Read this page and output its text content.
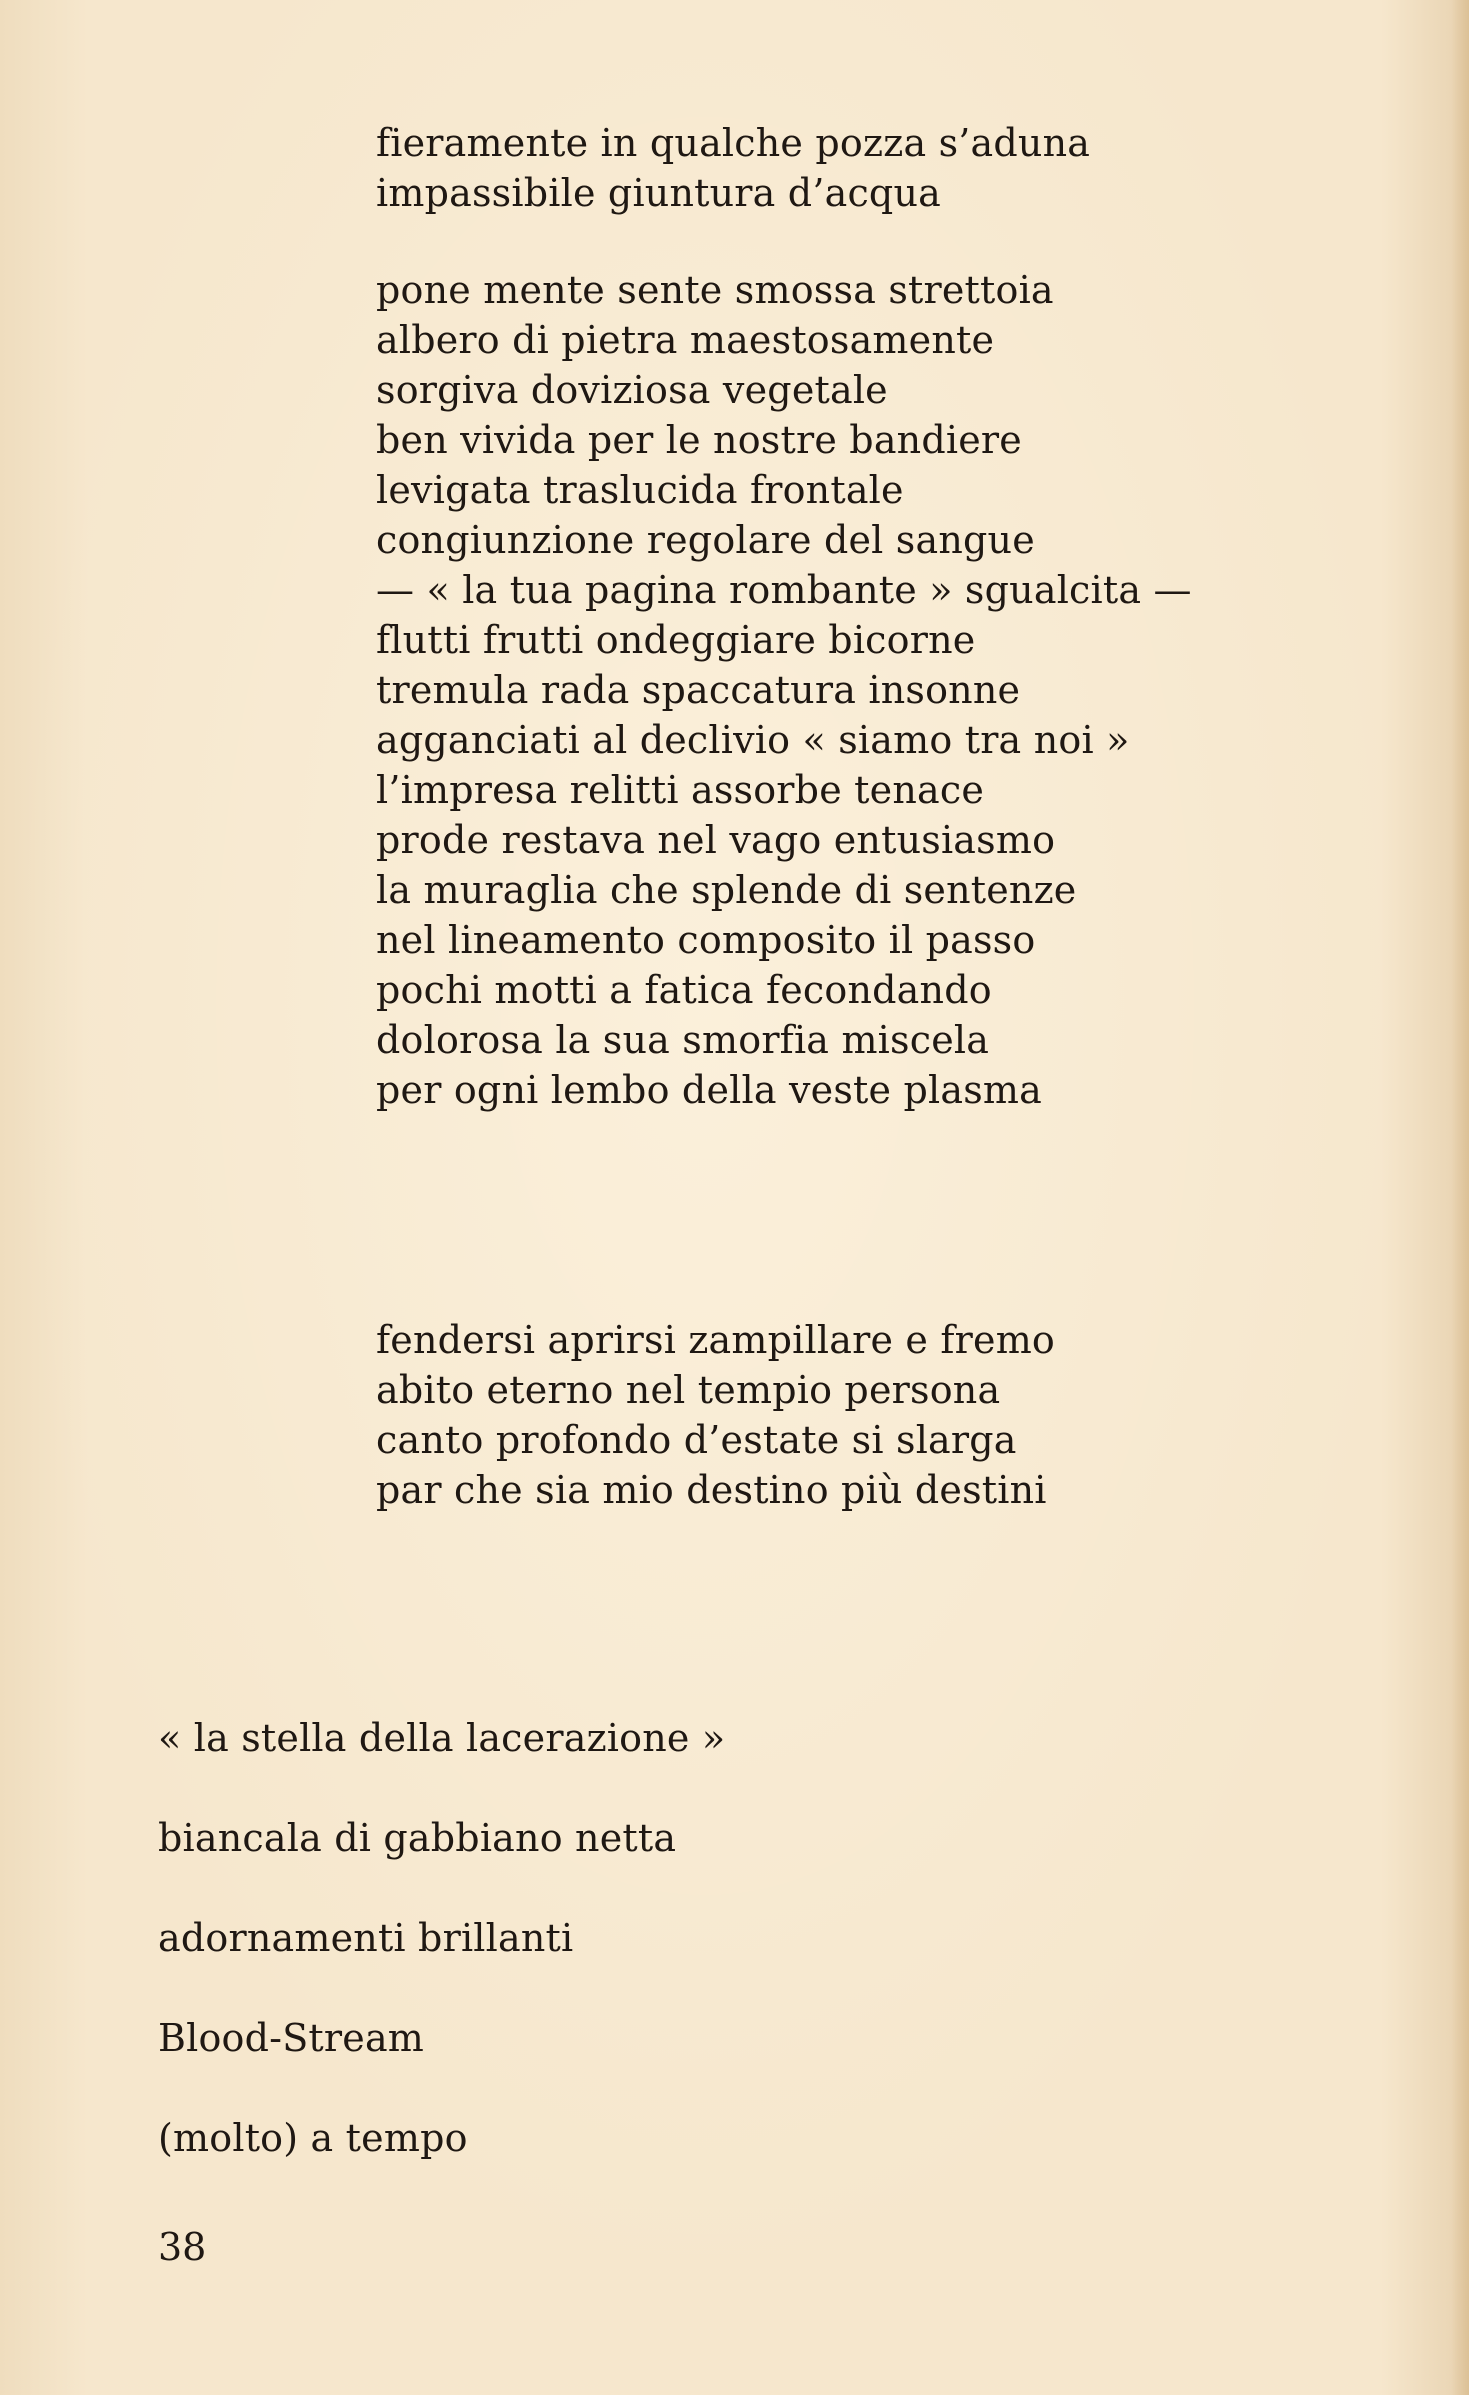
fieramente in qualche pozza s’aduna
impassibile giuntura d’acqua
pone mente sente smossa strettoia
albero di pietra maestosamente
sorgiva doviziosa vegetale
ben vivida per le nostre bandiere
levigata traslucida frontale
congiunzione regolare del sangue
— « la tua pagina rombante » sgualcita —
flutti frutti ondeggiare bicorne
tremula rada spaccatura insonne
agganciati al declivio « siamo tra noi »
l’impresa relitti assorbe tenace
prode restava nel vago entusiasmo
la muraglia che splende di sentenze
nel lineamento composito il passo
pochi motti a fatica fecondando
dolorosa la sua smorfia miscela
per ogni lembo della veste plasma
fendersi aprirsi zampillare e fremo
abito eterno nel tempio persona
canto profondo d’estate si slarga
par che sia mio destino più destini
« la stella della lacerazione »
biancala di gabbiano netta
adornamenti brillanti
Blood-Stream
(molto) a tempo
38
